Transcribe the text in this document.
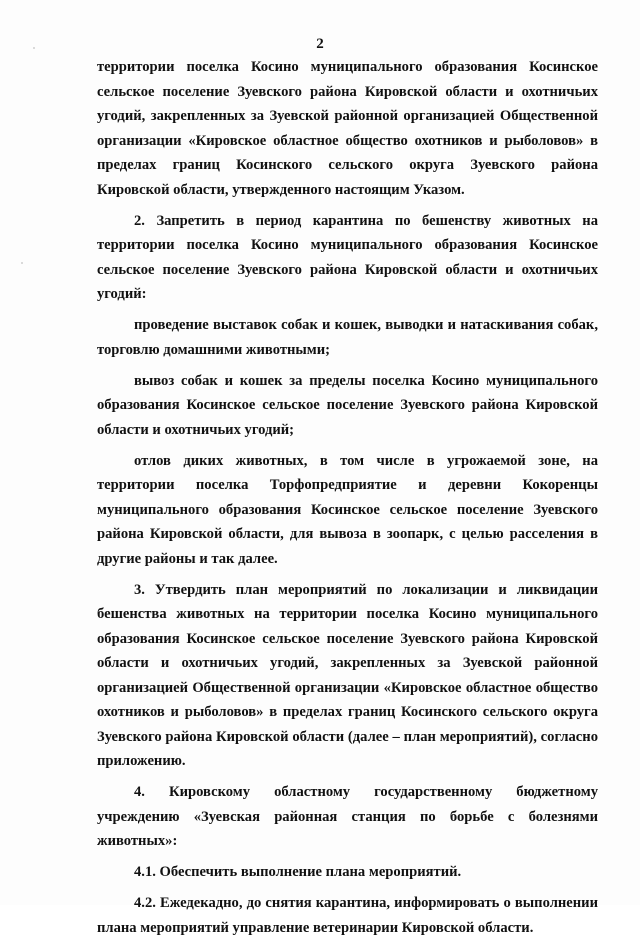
2

территории поселка Косино муниципального образования Косинское сельское поселение Зуевского района Кировской области и охотничьих угодий, закрепленных за Зуевской районной организацией Общественной организации «Кировское областное общество охотников и рыболовов» в пределах границ Косинского сельского округа Зуевского района Кировской области, утвержденного настоящим Указом.

2. Запретить в период карантина по бешенству животных на территории поселка Косино муниципального образования Косинское сельское поселение Зуевского района Кировской области и охотничьих угодий:

проведение выставок собак и кошек, выводки и натаскивания собак, торговлю домашними животными;

вывоз собак и кошек за пределы поселка Косино муниципального образования Косинское сельское поселение Зуевского района Кировской области и охотничьих угодий;

отлов диких животных, в том числе в угрожаемой зоне, на территории поселка Торфопредприятие и деревни Кокоренцы муниципального образования Косинское сельское поселение Зуевского района Кировской области, для вывоза в зоопарк, с целью расселения в другие районы и так далее.

3. Утвердить план мероприятий по локализации и ликвидации бешенства животных на территории поселка Косино муниципального образования Косинское сельское поселение Зуевского района Кировской области и охотничьих угодий, закрепленных за Зуевской районной организацией Общественной организации «Кировское областное общество охотников и рыболовов» в пределах границ Косинского сельского округа Зуевского района Кировской области (далее – план мероприятий), согласно приложению.

4. Кировскому областному государственному бюджетному учреждению «Зуевская районная станция по борьбе с болезнями животных»:

4.1. Обеспечить выполнение плана мероприятий.

4.2. Ежедекадно, до снятия карантина, информировать о выполнении плана мероприятий управление ветеринарии Кировской области.
